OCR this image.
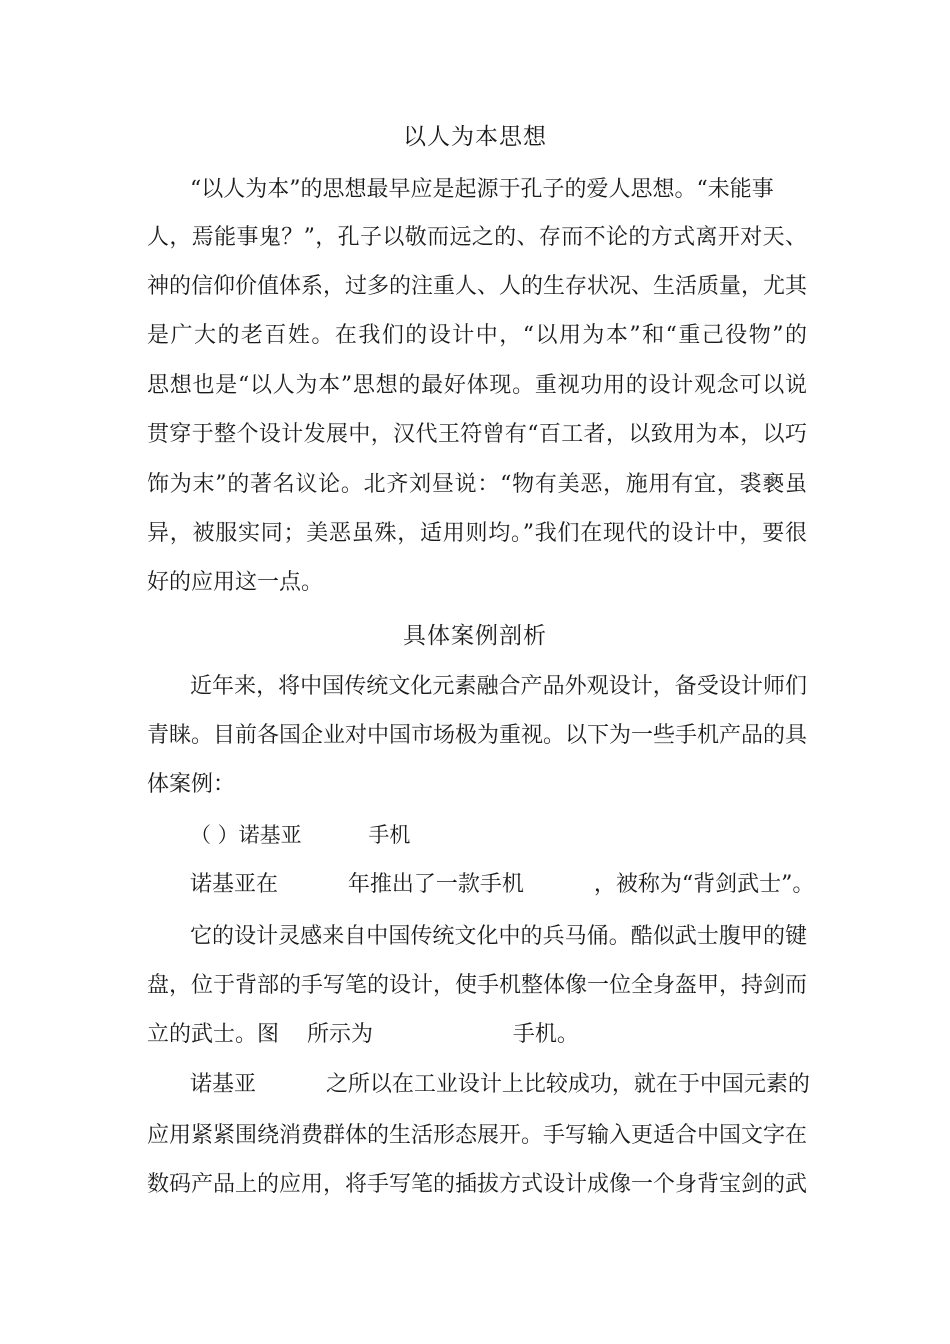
以人为本思想
“以人为本”的思想最早应是起源于孔子的爱人思想。“未能事
人，焉能事鬼？”，孔子以敬而远之的、存而不论的方式离开对天、
神的信仰价值体系，过多的注重人、人的生存状况、生活质量，尤其
是广大的老百姓。在我们的设计中，“以用为本”和“重己役物”的
思想也是“以人为本”思想的最好体现。重视功用的设计观念可以说
贯穿于整个设计发展中，汉代王符曾有“百工者，以致用为本，以巧
饰为末”的著名议论。北齐刘昼说：“物有美恶，施用有宜，裘褻虽
异，被服实同；美恶虽殊，适用则均。”我们在现代的设计中，要很
好的应用这一点。
具体案例剖析
近年来，将中国传统文化元素融合产品外观设计，备受设计师们
青睐。目前各国企业对中国市场极为重视。以下为一些手机产品的具
体案例：
（ ）诺基亚          手机
诺基亚在          年推出了一款手机          ，被称为“背剑武士”。
它的设计灵感来自中国传统文化中的兵马俑。酷似武士腹甲的键
盘，位于背部的手写笔的设计，使手机整体像一位全身盔甲，持剑而
立的武士。图    所示为                    手机。
诺基亚          之所以在工业设计上比较成功，就在于中国元素的
应用紧紧围绕消费群体的生活形态展开。手写输入更适合中国文字在
数码产品上的应用，将手写笔的插拔方式设计成像一个身背宝剑的武
